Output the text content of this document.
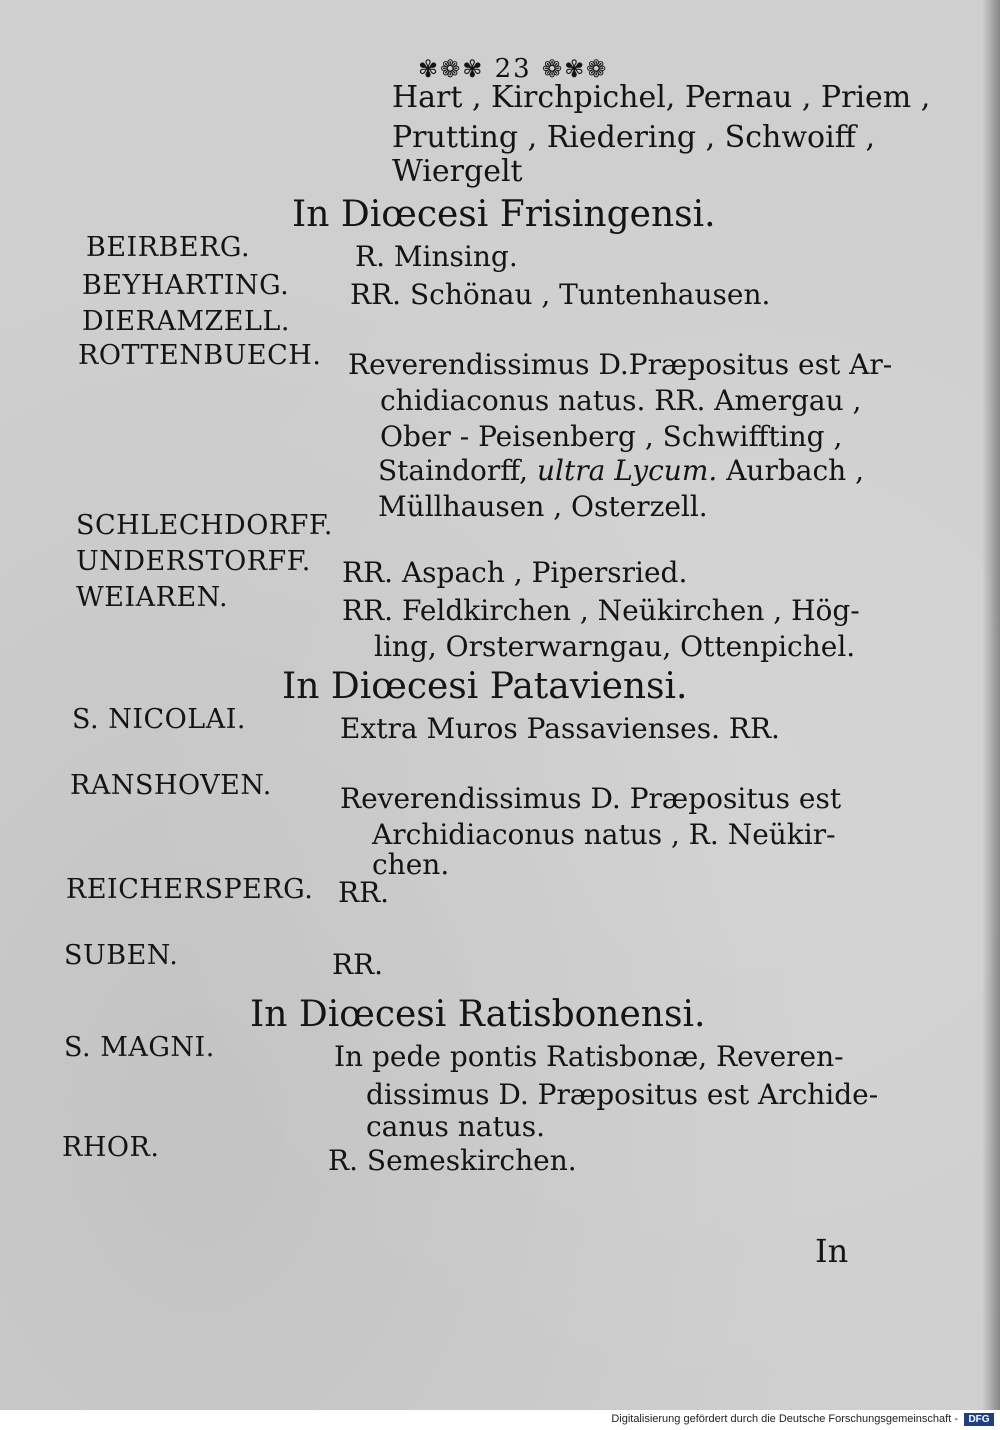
✾❁✾ 23 ❁✾❁
Hart , Kirchpichel, Pernau , Priem ,
Prutting , Riedering , Schwoiff ,
Wiergelt
In Diœcesi Frisingensi.
BEIRBERG.	R. Minsing.
BEYHARTING. RR. Schönau , Tuntenhausen.
DIERAMZELL.
ROTTENBUECH. Reverendissimus D.Præpositus est Ar-
chidiaconus natus. RR. Amergau ,
Ober - Peisenberg , Schwiffting ,
Staindorff, ultra Lycum. Aurbach ,
Müllhausen , Osterzell.
SCHLECHDORFF.
UNDERSTORFF. RR. Aspach , Pipersried.
WEIAREN.	RR. Feldkirchen , Neükirchen , Hög-
ling, Orsterwarngau, Ottenpichel.
In Diœcesi Pataviensi.
S. NICOLAI.	Extra Muros Passavienses. RR.
RANSHOVEN. Reverendissimus D. Præpositus est
Archidiaconus natus , R. Neükir-
chen.
REICHERSPERG. RR.
SUBEN.	RR.
In Diœcesi Ratisbonensi.
S. MAGNI.	In pede pontis Ratisbonæ, Reveren-
dissimus D. Præpositus est Archide-
canus natus.
RHOR.	R. Semeskirchen.
In
Digitalisierung gefördert durch die Deutsche Forschungsgemeinschaft -	DFG
